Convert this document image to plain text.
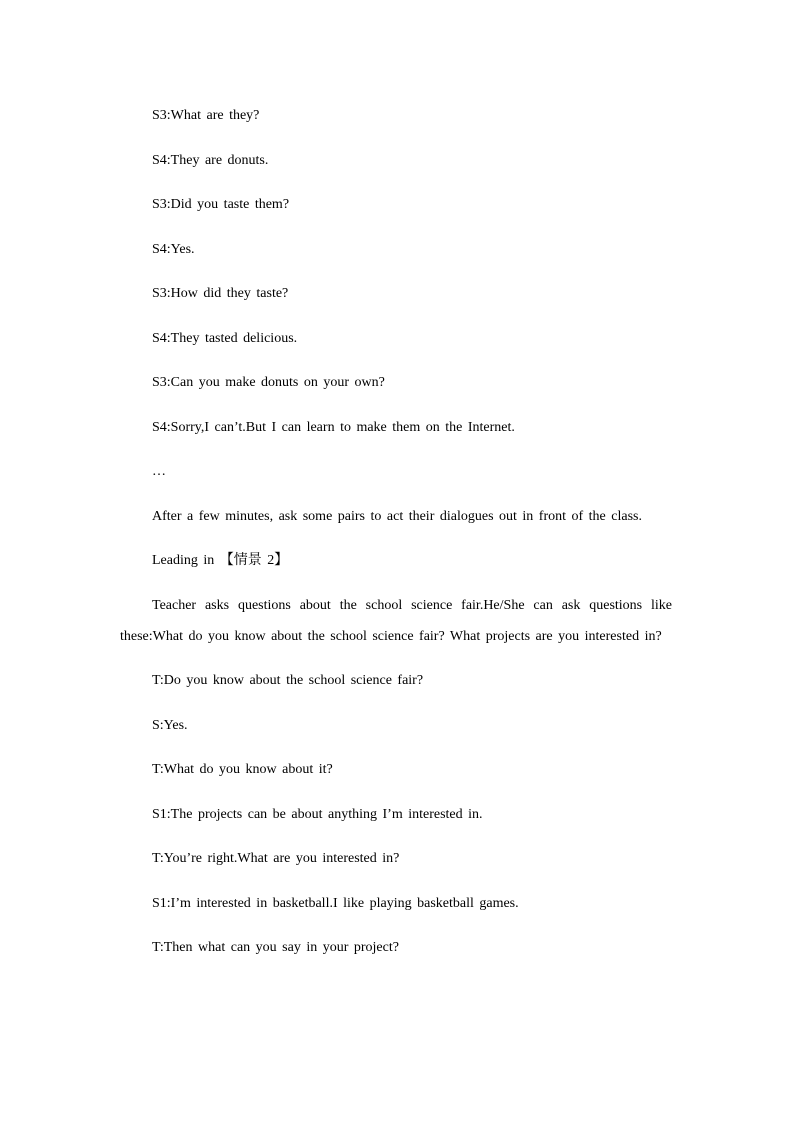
S3:What are they?

S4:They are donuts.

S3:Did you taste them?

S4:Yes.

S3:How did they taste?

S4:They tasted delicious.

S3:Can you make donuts on your own?

S4:Sorry,I can’t.But I can learn to make them on the Internet.

…

After a few minutes, ask some pairs to act their dialogues out in front of the class.

Leading in 【情景 2】

Teacher asks questions about the school science fair.He/She can ask questions like these:What do you know about the school science fair? What projects are you interested in?

T:Do you know about the school science fair?

S:Yes.

T:What do you know about it?

S1:The projects can be about anything I’m interested in.

T:You’re right.What are you interested in?

S1:I’m interested in basketball.I like playing basketball games.

T:Then what can you say in your project?
